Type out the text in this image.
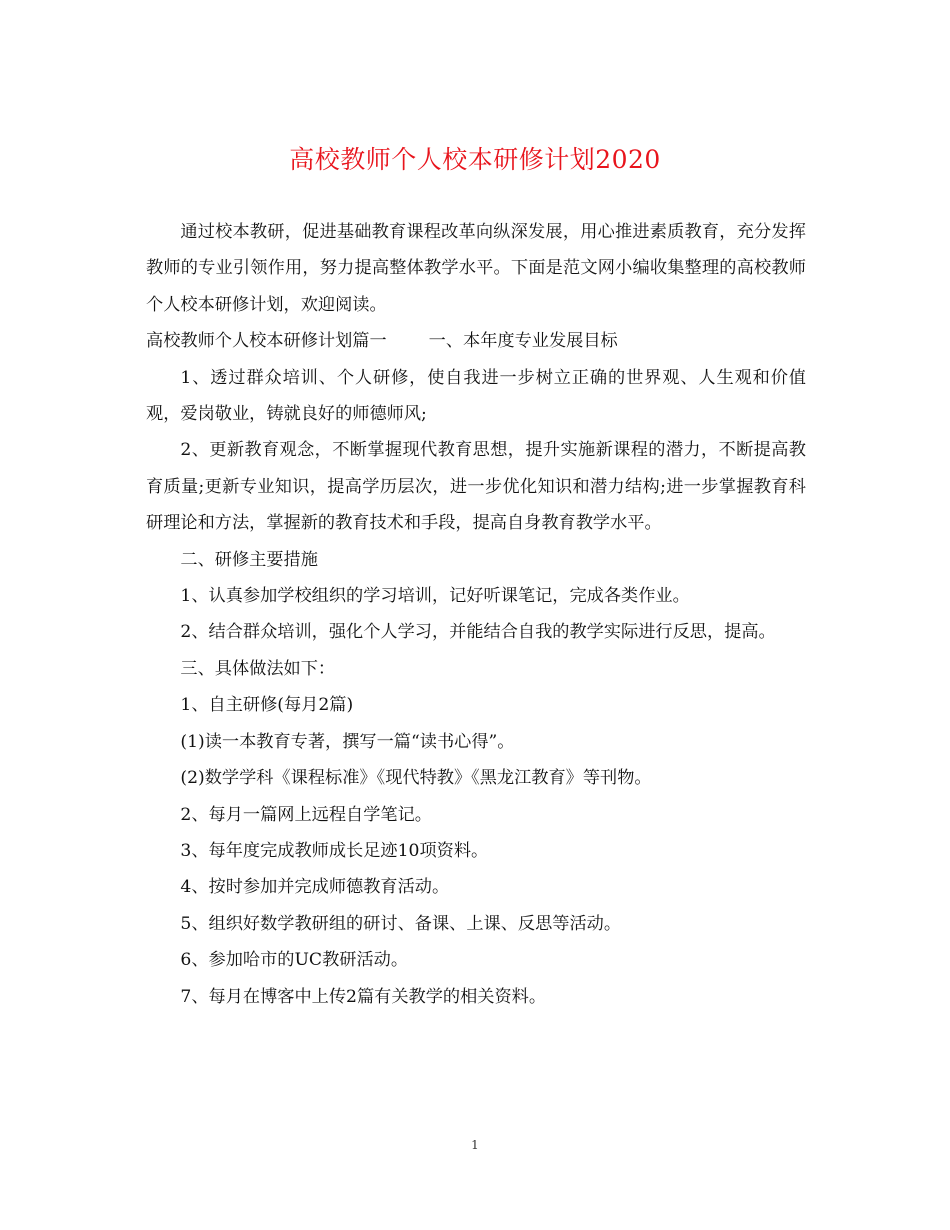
高校教师个人校本研修计划2020

通过校本教研，促进基础教育课程改革向纵深发展，用心推进素质教育，充分发挥教师的专业引领作用，努力提高整体教学水平。下面是范文网小编收集整理的高校教师个人校本研修计划，欢迎阅读。

高校教师个人校本研修计划篇一 一、本年度专业发展目标

1、透过群众培训、个人研修，使自我进一步树立正确的世界观、人生观和价值观，爱岗敬业，铸就良好的师德师风;

2、更新教育观念，不断掌握现代教育思想，提升实施新课程的潜力，不断提高教育质量;更新专业知识，提高学历层次，进一步优化知识和潜力结构;进一步掌握教育科研理论和方法，掌握新的教育技术和手段，提高自身教育教学水平。

二、研修主要措施

1、认真参加学校组织的学习培训，记好听课笔记，完成各类作业。

2、结合群众培训，强化个人学习，并能结合自我的教学实际进行反思，提高。

三、具体做法如下：

1、自主研修(每月2篇)

(1)读一本教育专著，撰写一篇“读书心得”。

(2)数学学科《课程标准》《现代特教》《黑龙江教育》等刊物。

2、每月一篇网上远程自学笔记。

3、每年度完成教师成长足迹10项资料。

4、按时参加并完成师德教育活动。

5、组织好数学教研组的研讨、备课、上课、反思等活动。

6、参加哈市的UC教研活动。

7、每月在博客中上传2篇有关教学的相关资料。

1
